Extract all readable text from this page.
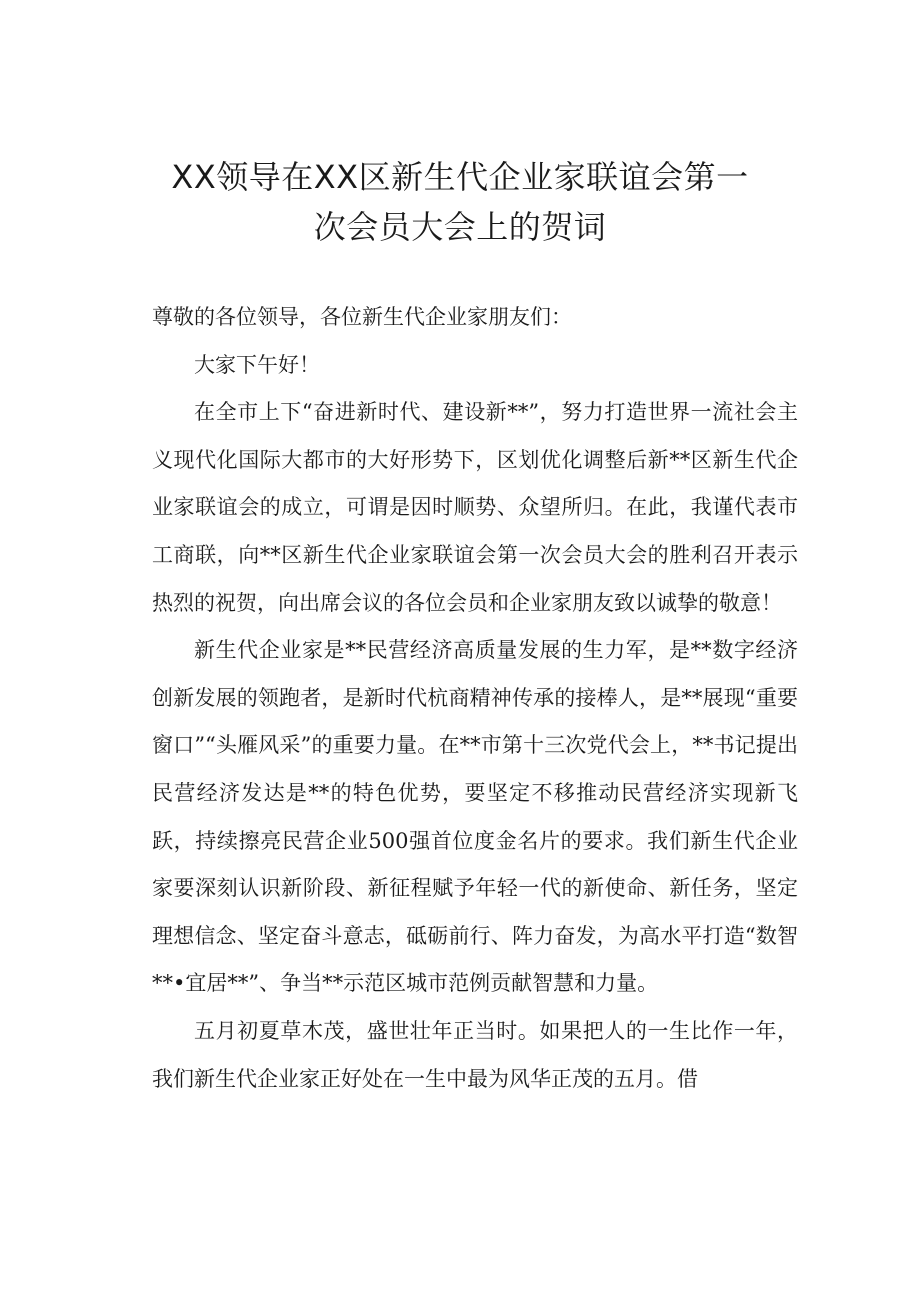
XX领导在XX区新生代企业家联谊会第一
次会员大会上的贺词

尊敬的各位领导，各位新生代企业家朋友们：

大家下午好！

在全市上下“奋进新时代、建设新**”，努力打造世界一流社会主义现代化国际大都市的大好形势下，区划优化调整后新**区新生代企业家联谊会的成立，可谓是因时顺势、众望所归。在此，我谨代表市工商联，向**区新生代企业家联谊会第一次会员大会的胜利召开表示热烈的祝贺，向出席会议的各位会员和企业家朋友致以诚挚的敬意！

新生代企业家是**民营经济高质量发展的生力军，是**数字经济创新发展的领跑者，是新时代杭商精神传承的接棒人，是**展现“重要窗口”“头雁风采”的重要力量。在**市第十三次党代会上，**书记提出民营经济发达是**的特色优势，要坚定不移推动民营经济实现新飞跃，持续擦亮民营企业500强首位度金名片的要求。我们新生代企业家要深刻认识新阶段、新征程赋予年轻一代的新使命、新任务，坚定理想信念、坚定奋斗意志，砥砺前行、阵力奋发，为高水平打造“数智**•宜居**”、争当**示范区城市范例贡献智慧和力量。

五月初夏草木茂，盛世壮年正当时。如果把人的一生比作一年，我们新生代企业家正好处在一生中最为风华正茂的五月。借
